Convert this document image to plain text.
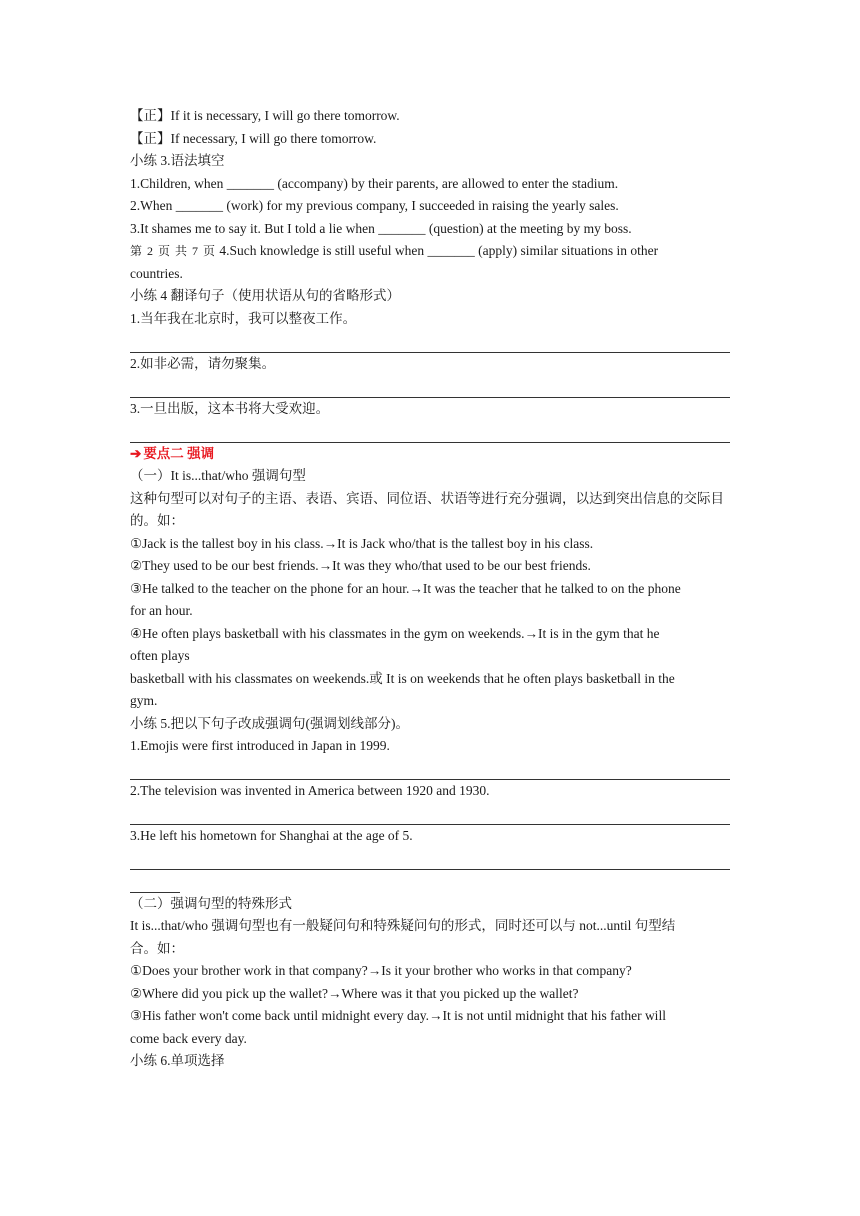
【正】If it is necessary, I will go there tomorrow.
【正】If necessary, I will go there tomorrow.
小练 3.语法填空
1.Children, when _______ (accompany) by their parents, are allowed to enter the stadium.
2.When _______ (work) for my previous company, I succeeded in raising the yearly sales.
3.It shames me to say it. But I told a lie when _______ (question) at the meeting by my boss.
第 2 页 共 7 页 4.Such knowledge is still useful when _______ (apply) similar situations in other
countries.
小练 4 翻译句子（使用状语从句的省略形式）
1.当年我在北京时，我可以整夜工作。
2.如非必需，请勿聚集。
3.一旦出版，这本书将大受欢迎。
➔ 要点二 强调
（一）It is...that/who 强调句型
这种句型可以对句子的主语、表语、宾语、同位语、状语等进行充分强调，以达到突出信息的交际目
的。如：
①Jack is the tallest boy in his class.→It is Jack who/that is the tallest boy in his class.
②They used to be our best friends.→It was they who/that used to be our best friends.
③He talked to the teacher on the phone for an hour.→It was the teacher that he talked to on the phone
for an hour.
④He often plays basketball with his classmates in the gym on weekends.→It is in the gym that he
often plays
basketball with his classmates on weekends.或 It is on weekends that he often plays basketball in the
gym.
小练 5.把以下句子改成强调句(强调划线部分)。
1.Emojis were first introduced in Japan in 1999.
2.The television was invented in America between 1920 and 1930.
3.He left his hometown for Shanghai at the age of 5.
（二）强调句型的特殊形式
It is...that/who 强调句型也有一般疑问句和特殊疑问句的形式，同时还可以与 not...until 句型结
合。如：
①Does your brother work in that company?→Is it your brother who works in that company?
②Where did you pick up the wallet?→Where was it that you picked up the wallet?
③His father won't come back until midnight every day.→It is not until midnight that his father will
come back every day.
小练 6.单项选择
